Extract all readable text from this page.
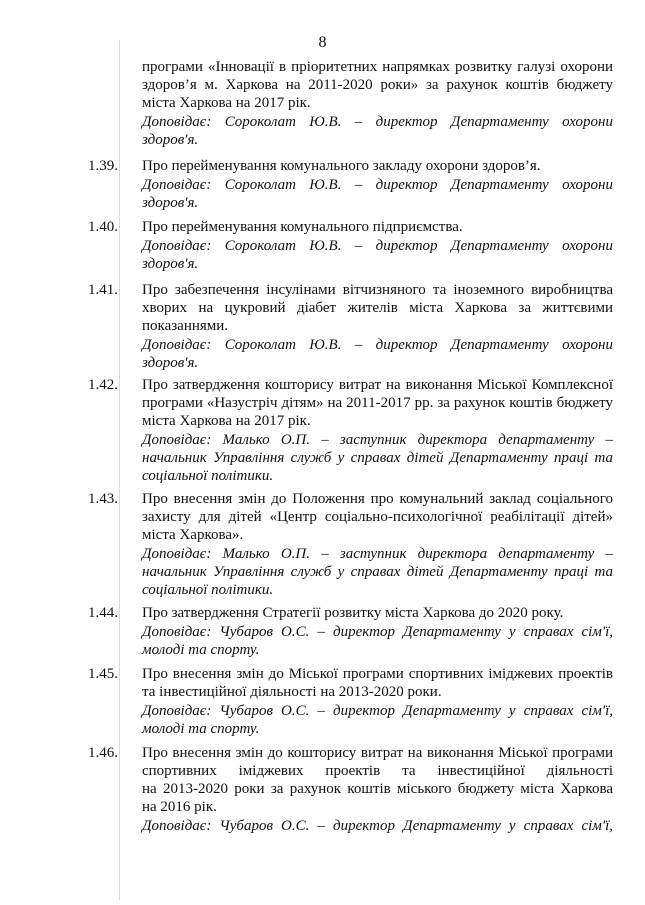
8
програми «Інновації в пріоритетних напрямках розвитку галузі охорони
здоров’я м. Харкова на 2011-2020 роки» за рахунок коштів бюджету
міста Харкова на 2017 рік.
Доповідає: Сороколат Ю.В. – директор Департаменту охорони
здоров'я.
1.39.	Про перейменування комунального закладу охорони здоров’я.
Доповідає: Сороколат Ю.В. – директор Департаменту охорони
здоров'я.
1.40.	Про перейменування комунального підприємства.
Доповідає: Сороколат Ю.В. – директор Департаменту охорони
здоров'я.
1.41.	Про забезпечення інсулінами вітчизняного та іноземного виробництва
хворих на цукровий діабет жителів міста Харкова за життєвими
показаннями.
Доповідає: Сороколат Ю.В. – директор Департаменту охорони
здоров'я.
1.42.	Про затвердження кошторису витрат на виконання Міської Комплексної
програми «Назустріч дітям» на 2011-2017 рр. за рахунок коштів бюджету
міста Харкова на 2017 рік.
Доповідає: Малько О.П. – заступник директора департаменту –
начальник Управління служб у справах дітей Департаменту праці та
соціальної політики.
1.43.	Про внесення змін до Положення про комунальний заклад соціального
захисту для дітей «Центр соціально-психологічної реабілітації дітей»
міста Харкова».
Доповідає: Малько О.П. – заступник директора департаменту –
начальник Управління служб у справах дітей Департаменту праці та
соціальної політики.
1.44.	Про затвердження Стратегії розвитку міста Харкова до 2020 року.
Доповідає: Чубаров О.С. – директор Департаменту у справах сім'ї,
молоді та спорту.
1.45.	Про внесення змін до Міської програми спортивних іміджевих проектів
та інвестиційної діяльності на 2013-2020 роки.
Доповідає: Чубаров О.С. – директор Департаменту у справах сім'ї,
молоді та спорту.
1.46.	Про внесення змін до кошторису витрат на виконання Міської програми
спортивних іміджевих проектів та інвестиційної діяльності
на 2013-2020 роки за рахунок коштів міського бюджету міста Харкова
на 2016 рік.
Доповідає: Чубаров О.С. – директор Департаменту у справах сім'ї,
